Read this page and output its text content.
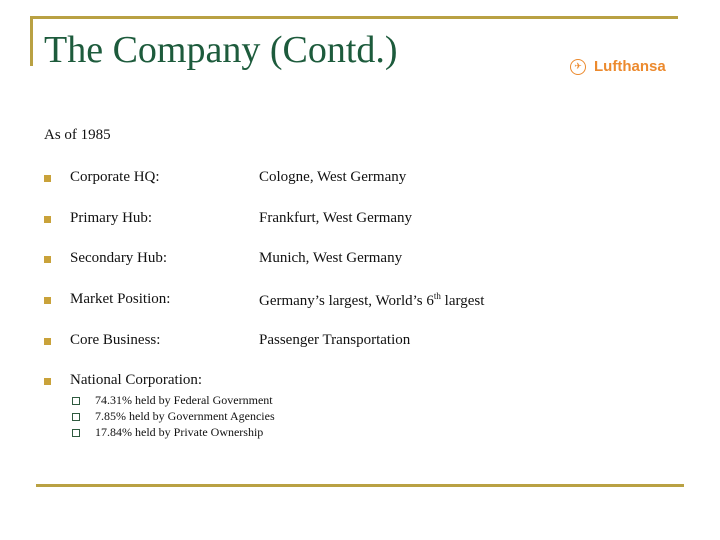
The Company (Contd.)	✈ Lufthansa
As of 1985
Corporate HQ:	Cologne, West Germany
Primary Hub:	Frankfurt, West Germany
Secondary Hub:	Munich, West Germany
Market Position:	Germany’s largest, World’s 6th largest
Core Business:	Passenger Transportation
National Corporation:
74.31% held by Federal Government
7.85% held by Government Agencies
17.84% held by Private Ownership
